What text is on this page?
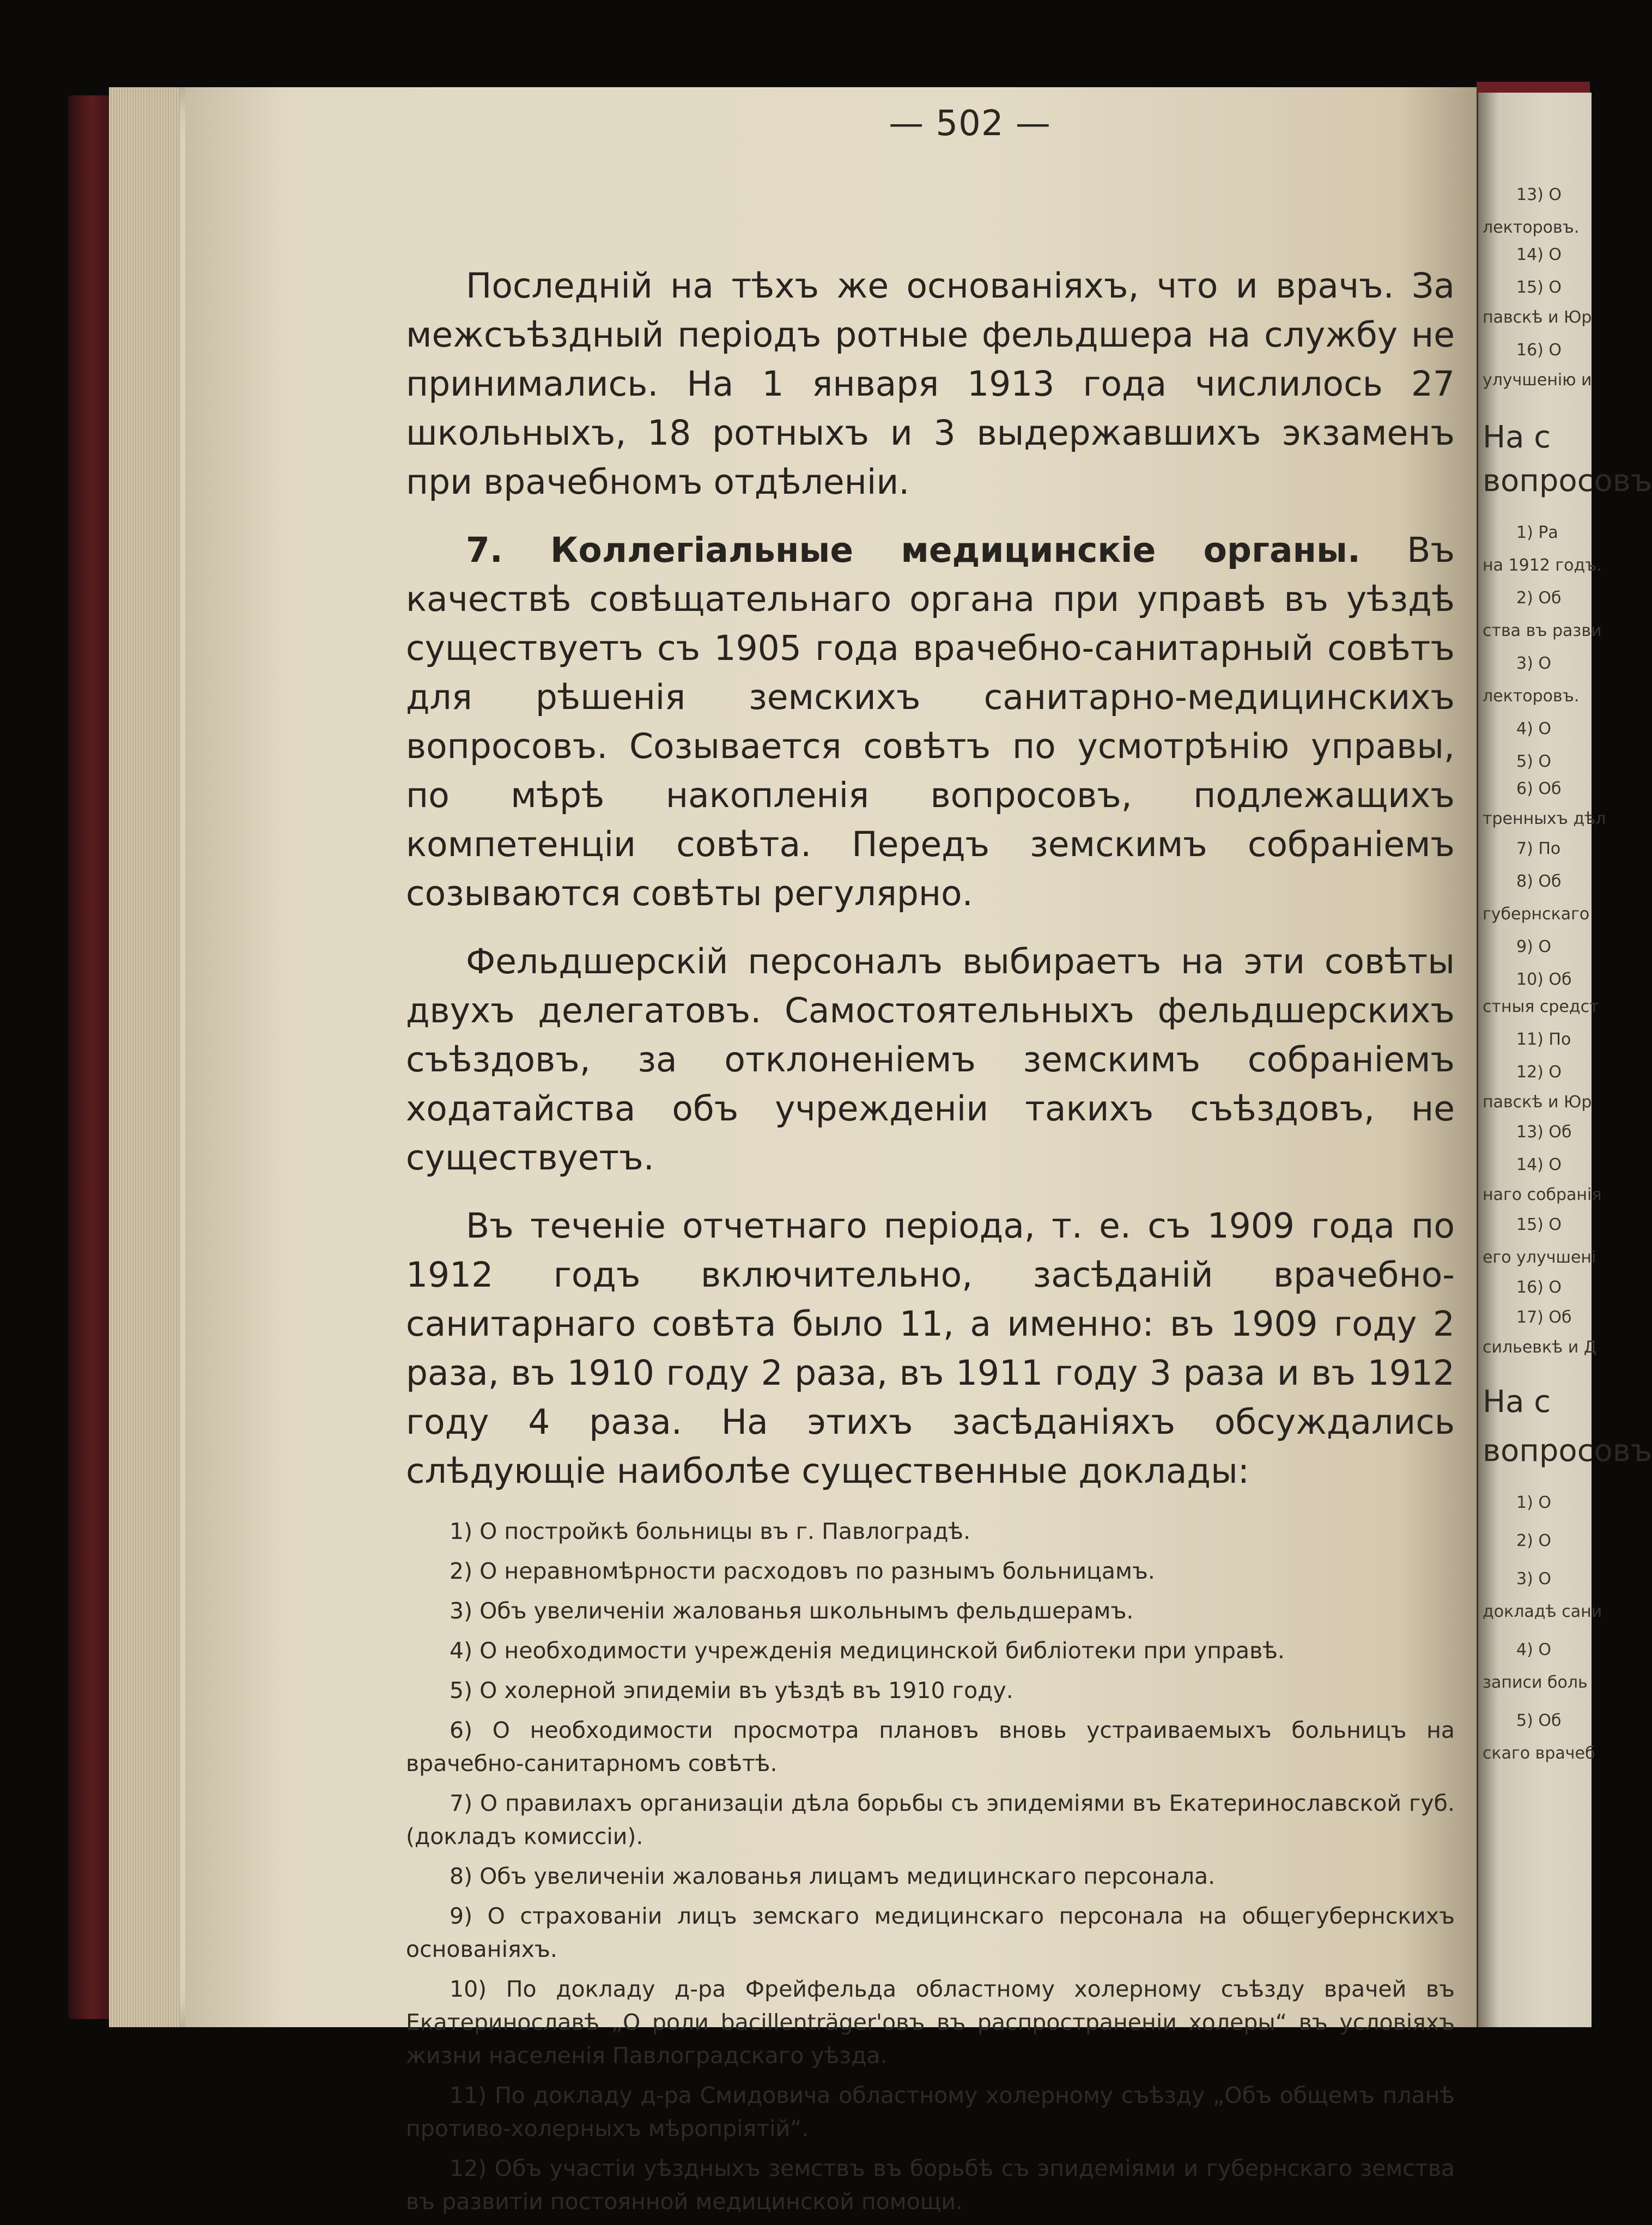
— 502 —

Последній на тѣхъ же основаніяхъ, что и врачъ. За межсъѣздный періодъ ротные фельдшера на службу не принимались. На 1 января 1913 года числилось 27 школьныхъ, 18 ротныхъ и 3 выдержавшихъ экзаменъ при врачебномъ отдѣленіи.

7. Коллегіальные медицинскіе органы. Въ качествѣ совѣщательнаго органа при управѣ въ уѣздѣ существуетъ съ 1905 года врачебно-санитарный совѣтъ для рѣшенія земскихъ санитарно-медицинскихъ вопросовъ. Созывается совѣтъ по усмотрѣнію управы, по мѣрѣ накопленія вопросовъ, подлежащихъ компетенціи совѣта. Передъ земскимъ собраніемъ созываются совѣты регулярно.

Фельдшерскій персоналъ выбираетъ на эти совѣты двухъ делегатовъ. Самостоятельныхъ фельдшерскихъ съѣздовъ, за отклоненіемъ земскимъ собраніемъ ходатайства объ учрежденіи такихъ съѣздовъ, не существуетъ.

Въ теченіе отчетнаго періода, т. е. съ 1909 года по 1912 годъ включительно, засѣданій врачебно-санитарнаго совѣта было 11, а именно: въ 1909 году 2 раза, въ 1910 году 2 раза, въ 1911 году 3 раза и въ 1912 году 4 раза. На этихъ засѣданіяхъ обсуждались слѣдующіе наиболѣе существенные доклады:

1) О постройкѣ больницы въ г. Павлоградѣ.

2) О неравномѣрности расходовъ по разнымъ больницамъ.

3) Объ увеличеніи жалованья школьнымъ фельдшерамъ.

4) О необходимости учрежденія медицинской библіотеки при управѣ.

5) О холерной эпидеміи въ уѣздѣ въ 1910 году.

6) О необходимости просмотра плановъ вновь устраиваемыхъ больницъ на врачебно-санитарномъ совѣтѣ.

7) О правилахъ организаціи дѣла борьбы съ эпидеміями въ Екатеринославской губ. (докладъ комиссіи).

8) Объ увеличеніи жалованья лицамъ медицинскаго персонала.

9) О страхованіи лицъ земскаго медицинскаго персонала на общегубернскихъ основаніяхъ.

10) По докладу д-ра Фрейфельда областному холерному съѣзду врачей въ Екатеринославѣ „О роли bacillenträger'овъ въ распространеніи холеры“ въ условіяхъ жизни населенія Павлоградскаго уѣзда.

11) По докладу д-ра Смидовича областному холерному съѣзду „Объ общемъ планѣ противо-холерныхъ мѣропріятій“.

12) Объ участіи уѣздныхъ земствъ въ борьбѣ съ эпидеміями и губернскаго земства въ развитіи постоянной медицинской помощи.

13) О
лекторовъ.
14) О
15) О
павскѣ и Юр
16) О
улучшенію и
На с
вопросовъ
1) Ра
на 1912 годъ.
2) Об
ства въ разви
3) О
лекторовъ.
4) О
5) О
6) Об
тренныхъ дѣл
7) По
8) Об
губернскаго
9) О
10) Об
стныя средст
11) По
12) О
павскѣ и Юр
13) Об
14) О
наго собранія
15) О
его улучшені
16) О
17) Об
сильевкѣ и Д
На с
вопросовъ
1) О
2) О
3) О
докладѣ сани
4) О
записи боль
5) Об
скаго врачеб
